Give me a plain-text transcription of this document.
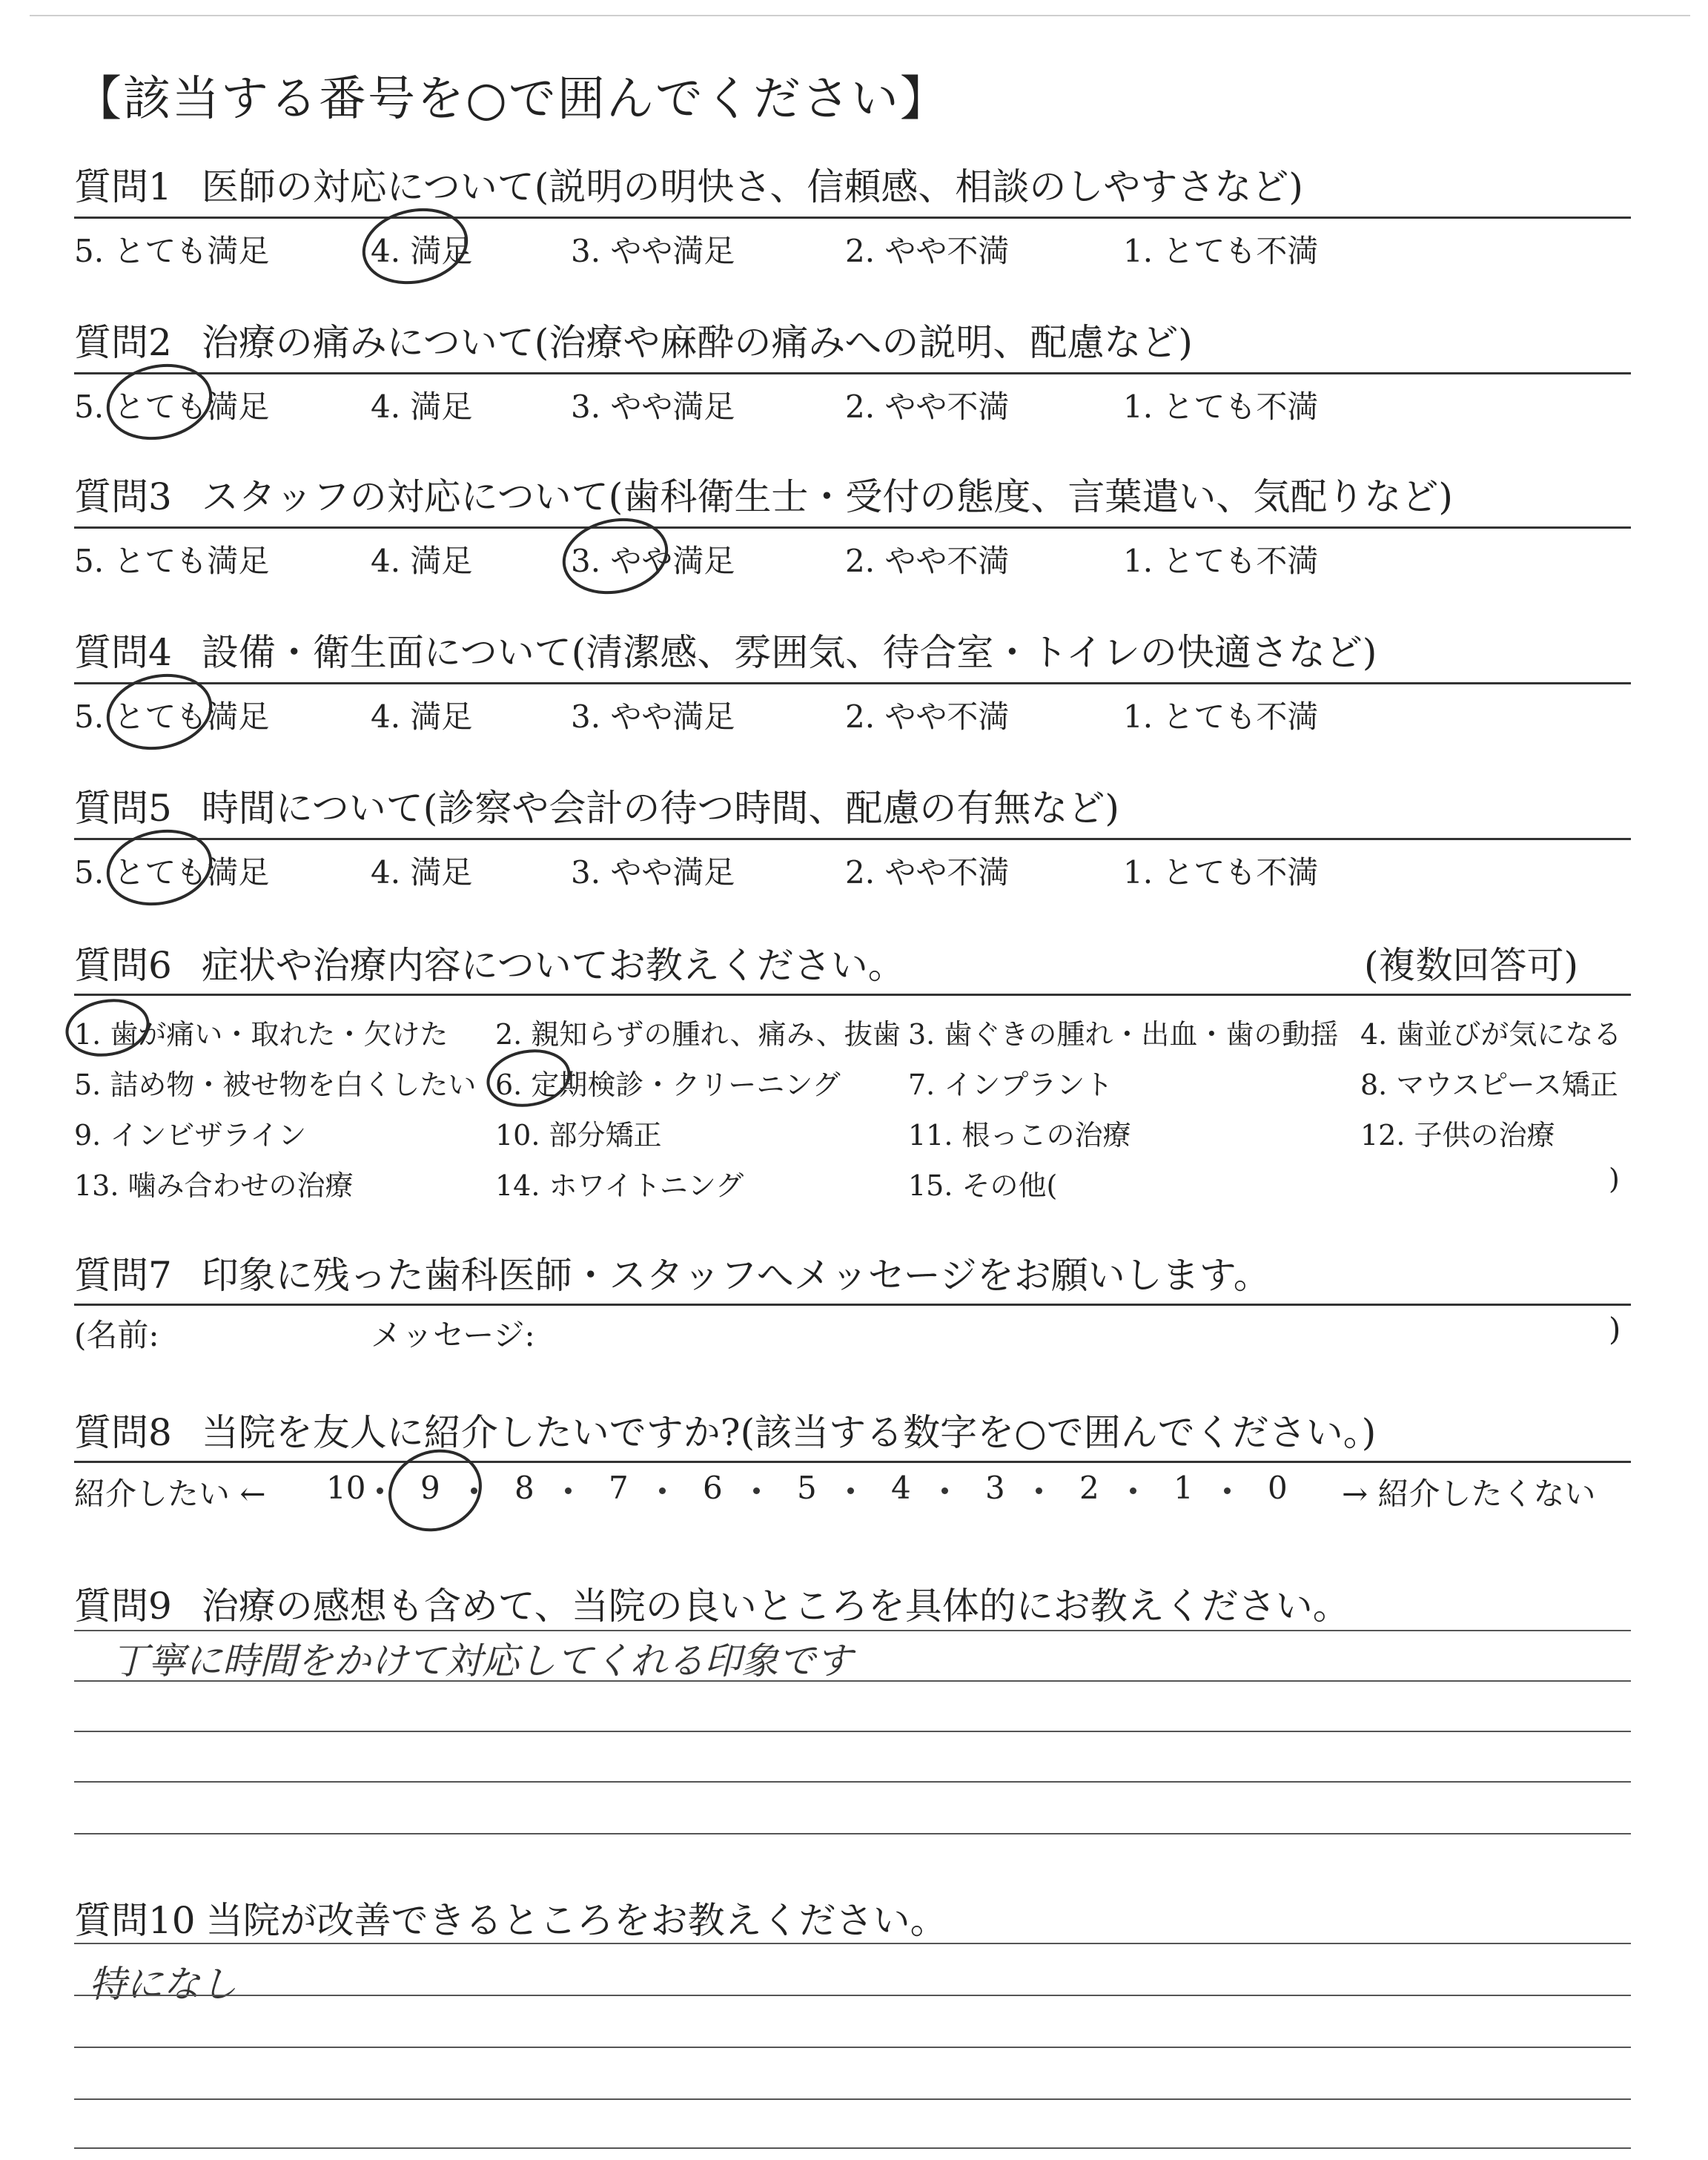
【該当する番号を○で囲んでください】
質問1 医師の対応について(説明の明快さ、信頼感、相談のしやすさなど)
5. とても満足	4. 満足	3. やや満足	2. やや不満	1. とても不満
質問2 治療の痛みについて(治療や麻酔の痛みへの説明、配慮など)
5. とても満足	4. 満足	3. やや満足	2. やや不満	1. とても不満
質問3 スタッフの対応について(歯科衛生士・受付の態度、言葉遣い、気配りなど)
5. とても満足	4. 満足	3. やや満足	2. やや不満	1. とても不満
質問4 設備・衛生面について(清潔感、雰囲気、待合室・トイレの快適さなど)
5. とても満足	4. 満足	3. やや満足	2. やや不満	1. とても不満
質問5 時間について(診察や会計の待つ時間、配慮の有無など)
5. とても満足	4. 満足	3. やや満足	2. やや不満	1. とても不満
質問6 症状や治療内容についてお教えください。	(複数回答可)
1. 歯が痛い・取れた・欠けた 2. 親知らずの腫れ、痛み、抜歯 3. 歯ぐきの腫れ・出血・歯の動揺 4. 歯並びが気になる
5. 詰め物・被せ物を白くしたい 6. 定期検診・クリーニング 7. インプラント	8. マウスピース矯正
9. インビザライン	10. 部分矯正	11. 根っこの治療	12. 子供の治療
13. 噛み合わせの治療	14. ホワイトニング	15. その他(	)
質問7 印象に残った歯科医師・スタッフへメッセージをお願いします。
(名前:	メッセージ:	)
質問8 当院を友人に紹介したいですか?(該当する数字を○で囲んでください。)
紹介したい ←	→ 紹介したくない
10 9 8 7 6 5 4 3 2 1 0
質問9 治療の感想も含めて、当院の良いところを具体的にお教えください。
丁寧に時間をかけて対応してくれる印象です
質問10 当院が改善できるところをお教えください。
特になし
